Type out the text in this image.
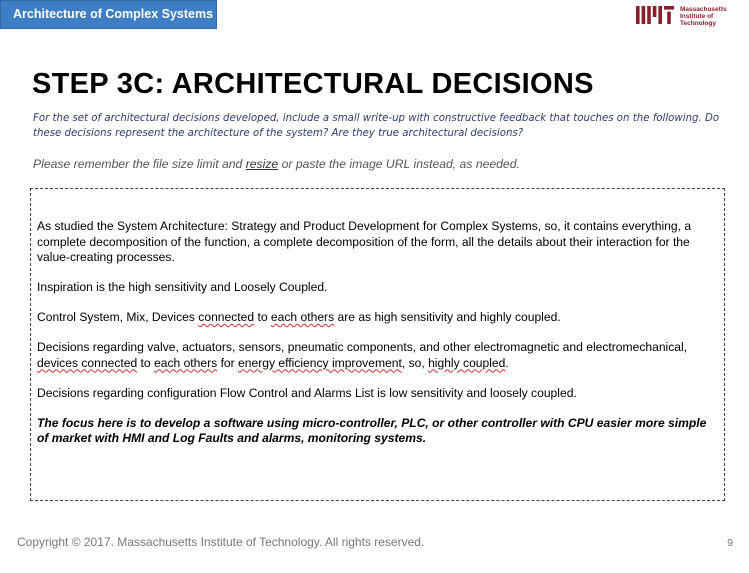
Architecture of Complex Systems	Massachusetts
Institute of
Technology
STEP 3C: ARCHITECTURAL DECISIONS
For the set of architectural decisions developed, include a small write-up with constructive feedback that touches on the following. Do these decisions represent the architecture of the system? Are they true architectural decisions?
Please remember the file size limit and resize or paste the image URL instead, as needed.

As studied the System Architecture: Strategy and Product Development for Complex Systems, so, it contains everything, a complete decomposition of the function, a complete decomposition of the form, all the details about their interaction for the value-creating processes.

Inspiration is the high sensitivity and Loosely Coupled.

Control System, Mix, Devices connected to each others are as high sensitivity and highly coupled.

Decisions regarding valve, actuators, sensors, pneumatic components, and other electromagnetic and electromechanical, devices connected to each others for energy efficiency improvement, so, highly coupled.

Decisions regarding configuration Flow Control and Alarms List is low sensitivity and loosely coupled.

The focus here is to develop a software using micro-controller, PLC, or other controller with CPU easier more simple of market with HMI and Log Faults and alarms, monitoring systems.

Copyright © 2017. Massachusetts Institute of Technology. All rights reserved.	9
